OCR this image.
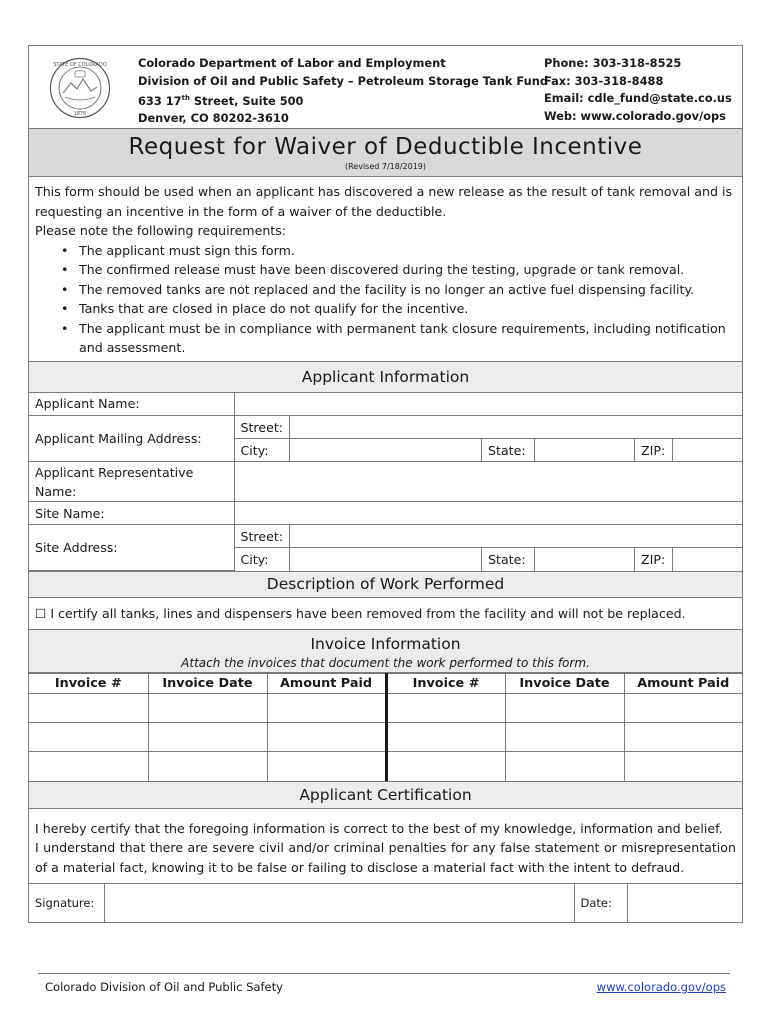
STATE OF COLORADO
1876
Colorado Department of Labor and Employment
Division of Oil and Public Safety – Petroleum Storage Tank Fund
633 17th Street, Suite 500
Denver, CO 80202-3610
Phone: 303-318-8525
Fax: 303-318-8488
Email: cdle_fund@state.co.us
Web: www.colorado.gov/ops
Request for Waiver of Deductible Incentive
(Revised 7/18/2019)
This form should be used when an applicant has discovered a new release as the result of tank removal and is requesting an incentive in the form of a waiver of the deductible.
Please note the following requirements:
• The applicant must sign this form.
• The confirmed release must have been discovered during the testing, upgrade or tank removal.
• The removed tanks are not replaced and the facility is no longer an active fuel dispensing facility.
• Tanks that are closed in place do not qualify for the incentive.
• The applicant must be in compliance with permanent tank closure requirements, including notification and assessment.
Applicant Information
Applicant Name:						
Applicant Mailing Address:	Street:					
	City:		State:		ZIP:	
Applicant Representative Name:						
Site Name:						
Site Address:	Street:					
	City:		State:		ZIP:	
Description of Work Performed
☐ I certify all tanks, lines and dispensers have been removed from the facility and will not be replaced.
Invoice Information
Attach the invoices that document the work performed to this form.
Invoice #	Invoice Date	Amount Paid	Invoice #	Invoice Date	Amount Paid

Applicant Certification
I hereby certify that the foregoing information is correct to the best of my knowledge, information and belief.
I understand that there are severe civil and/or criminal penalties for any false statement or misrepresentation of a material fact, knowing it to be false or failing to disclose a material fact with the intent to defraud.
Signature:		Date:	
Colorado Division of Oil and Public Safety	www.colorado.gov/ops
